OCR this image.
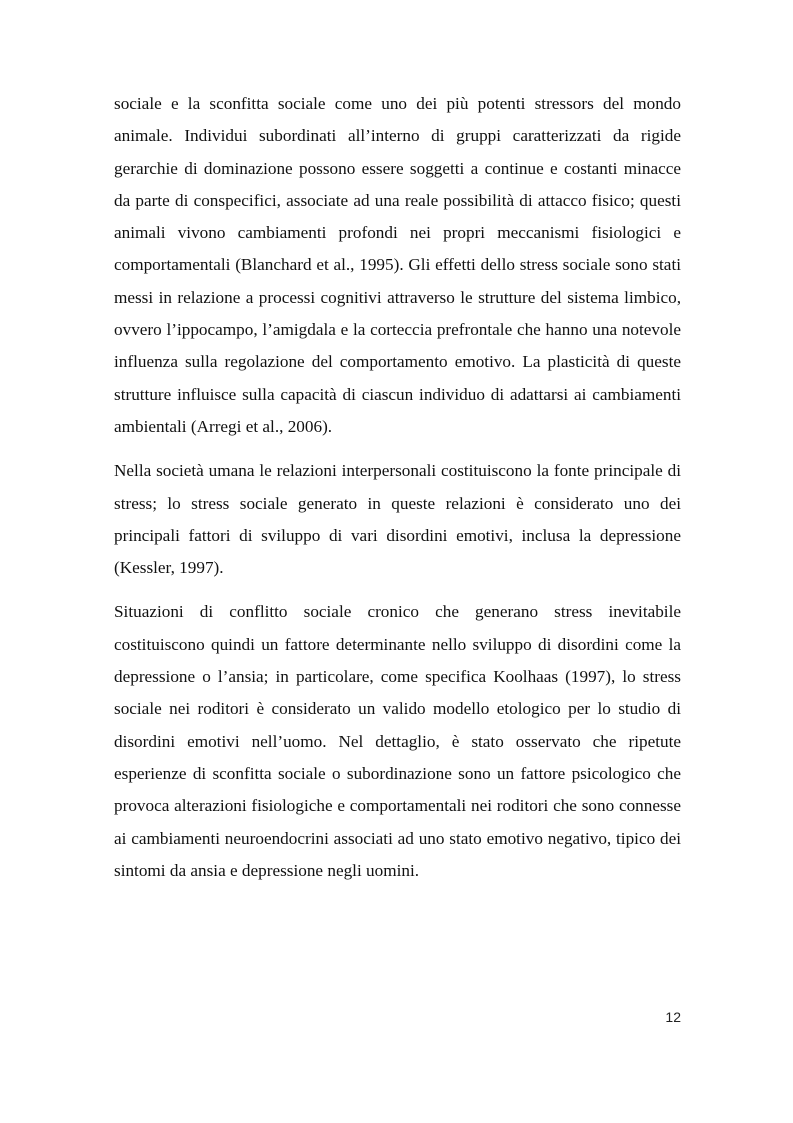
sociale e la sconfitta sociale come uno dei più potenti stressors del mondo animale. Individui subordinati all’interno di gruppi caratterizzati da rigide gerarchie di dominazione possono essere soggetti a continue e costanti minacce da parte di conspecifici, associate ad una reale possibilità di attacco fisico; questi animali vivono cambiamenti profondi nei propri meccanismi fisiologici e comportamentali (Blanchard et al., 1995). Gli effetti dello stress sociale sono stati messi in relazione a processi cognitivi attraverso le strutture del sistema limbico, ovvero l’ippocampo, l’amigdala e la corteccia prefrontale che hanno una notevole influenza sulla regolazione del comportamento emotivo. La plasticità di queste strutture influisce sulla capacità di ciascun individuo di adattarsi ai cambiamenti ambientali (Arregi et al., 2006).

Nella società umana le relazioni interpersonali costituiscono la fonte principale di stress; lo stress sociale generato in queste relazioni è considerato uno dei principali fattori di sviluppo di vari disordini emotivi, inclusa la depressione (Kessler, 1997).

Situazioni di conflitto sociale cronico che generano stress inevitabile costituiscono quindi un fattore determinante nello sviluppo di disordini come la depressione o l’ansia; in particolare, come specifica Koolhaas (1997), lo stress sociale nei roditori è considerato un valido modello etologico per lo studio di disordini emotivi nell’uomo. Nel dettaglio, è stato osservato che ripetute esperienze di sconfitta sociale o subordinazione sono un fattore psicologico che provoca alterazioni fisiologiche e comportamentali nei roditori che sono connesse ai cambiamenti neuroendocrini associati ad uno stato emotivo negativo, tipico dei sintomi da ansia e depressione negli uomini.

12
